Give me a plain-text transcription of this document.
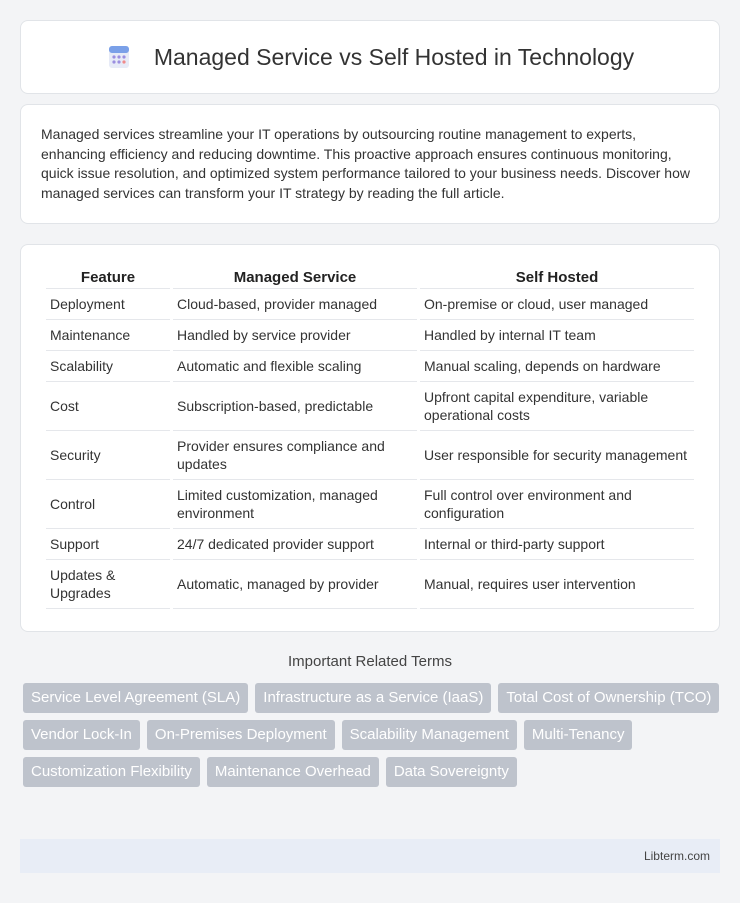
Managed Service vs Self Hosted in Technology

Managed services streamline your IT operations by outsourcing routine management to experts, enhancing efficiency and reducing downtime. This proactive approach ensures continuous monitoring, quick issue resolution, and optimized system performance tailored to your business needs. Discover how managed services can transform your IT strategy by reading the full article.

Feature	Managed Service	Self Hosted
Deployment	Cloud-based, provider managed	On-premise or cloud, user managed
Maintenance	Handled by service provider	Handled by internal IT team
Scalability	Automatic and flexible scaling	Manual scaling, depends on hardware
Cost	Subscription-based, predictable	Upfront capital expenditure, variable operational costs
Security	Provider ensures compliance and updates	User responsible for security management
Control	Limited customization, managed environment	Full control over environment and configuration
Support	24/7 dedicated provider support	Internal or third-party support
Updates & Upgrades	Automatic, managed by provider	Manual, requires user intervention
Important Related Terms
Service Level Agreement (SLA)	Infrastructure as a Service (IaaS)	Total Cost of Ownership (TCO)
Vendor Lock-In	On-Premises Deployment	Scalability Management	Multi-Tenancy
Customization Flexibility	Maintenance Overhead	Data Sovereignty
Libterm.com
